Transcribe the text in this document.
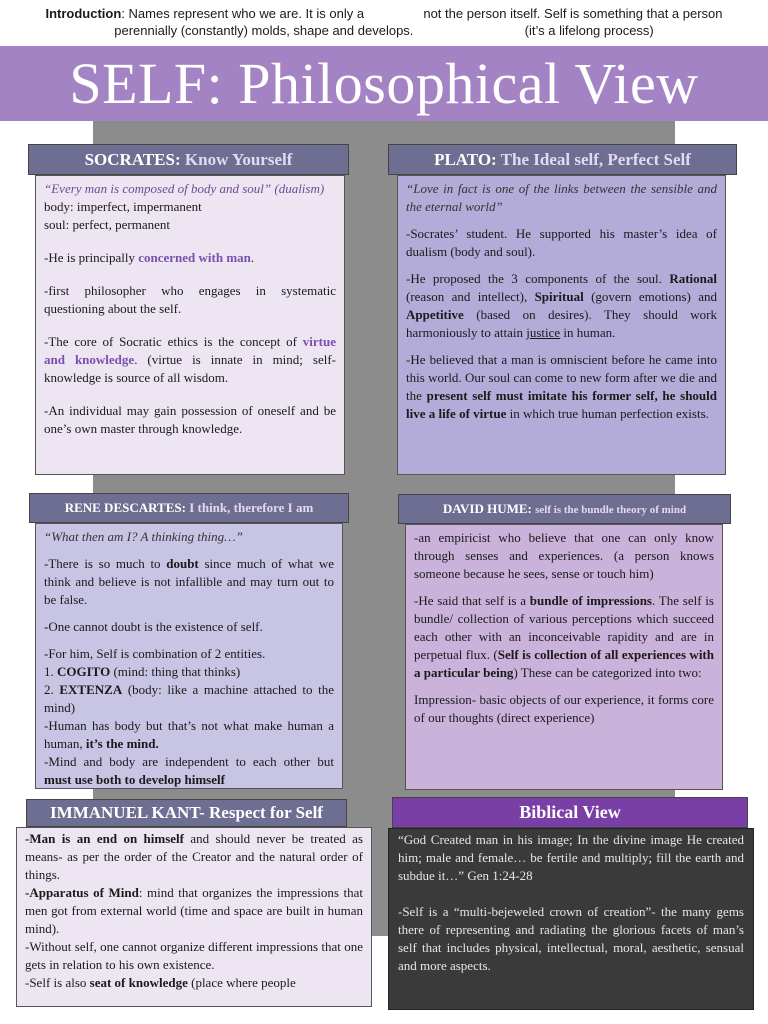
Introduction: Names represent who we are. It is only a	not the person itself. Self is something that a person
perennially (constantly) molds, shape and develops.	(it’s a lifelong process)
SELF: Philosophical View
SOCRATES: Know Yourself

“Every man is composed of body and soul” (dualism)

body: imperfect, impermanent

soul: perfect, permanent

-He is principally concerned with man.

-first philosopher who engages in systematic questioning about the self.

-The core of Socratic ethics is the concept of virtue and knowledge. (virtue is innate in mind; self-knowledge is source of all wisdom.

-An individual may gain possession of oneself and be one’s own master through knowledge.

PLATO: The Ideal self, Perfect Self

“Love in fact is one of the links between the sensible and the eternal world”

-Socrates’ student. He supported his master’s idea of dualism (body and soul).

-He proposed the 3 components of the soul. Rational (reason and intellect), Spiritual (govern emotions) and Appetitive (based on desires). They should work harmoniously to attain justice in human.

-He believed that a man is omniscient before he came into this world. Our soul can come to new form after we die and the present self must imitate his former self, he should live a life of virtue in which true human perfection exists.

RENE DESCARTES: I think, therefore I am

“What then am I? A thinking thing…”

-There is so much to doubt since much of what we think and believe is not infallible and may turn out to be false.

-One cannot doubt is the existence of self.

-For him, Self is combination of 2 entities.

1. COGITO (mind: thing that thinks)

2. EXTENZA (body: like a machine attached to the mind)

-Human has body but that’s not what make human a human, it’s the mind.

-Mind and body are independent to each other but must use both to develop himself

DAVID HUME: self is the bundle theory of mind

-an empiricist who believe that one can only know through senses and experiences. (a person knows someone because he sees, sense or touch him)

-He said that self is a bundle of impressions. The self is bundle/ collection of various perceptions which succeed each other with an inconceivable rapidity and are in perpetual flux. (Self is collection of all experiences with a particular being) These can be categorized into two:

Impression- basic objects of our experience, it forms core of our thoughts (direct experience)

IMMANUEL KANT- Respect for Self

-Man is an end on himself and should never be treated as means- as per the order of the Creator and the natural order of things.

-Apparatus of Mind: mind that organizes the impressions that men got from external world (time and space are built in human mind).

-Without self, one cannot organize different impressions that one gets in relation to his own existence.

-Self is also seat of knowledge (place where people

Biblical View

“God Created man in his image; In the divine image He created him; male and female… be fertile and multiply; fill the earth and subdue it…” Gen 1:24-28

-Self is a “multi-bejeweled crown of creation”- the many gems there of representing and radiating the glorious facets of man’s self that includes physical, intellectual, moral, aesthetic, sensual and more aspects.
